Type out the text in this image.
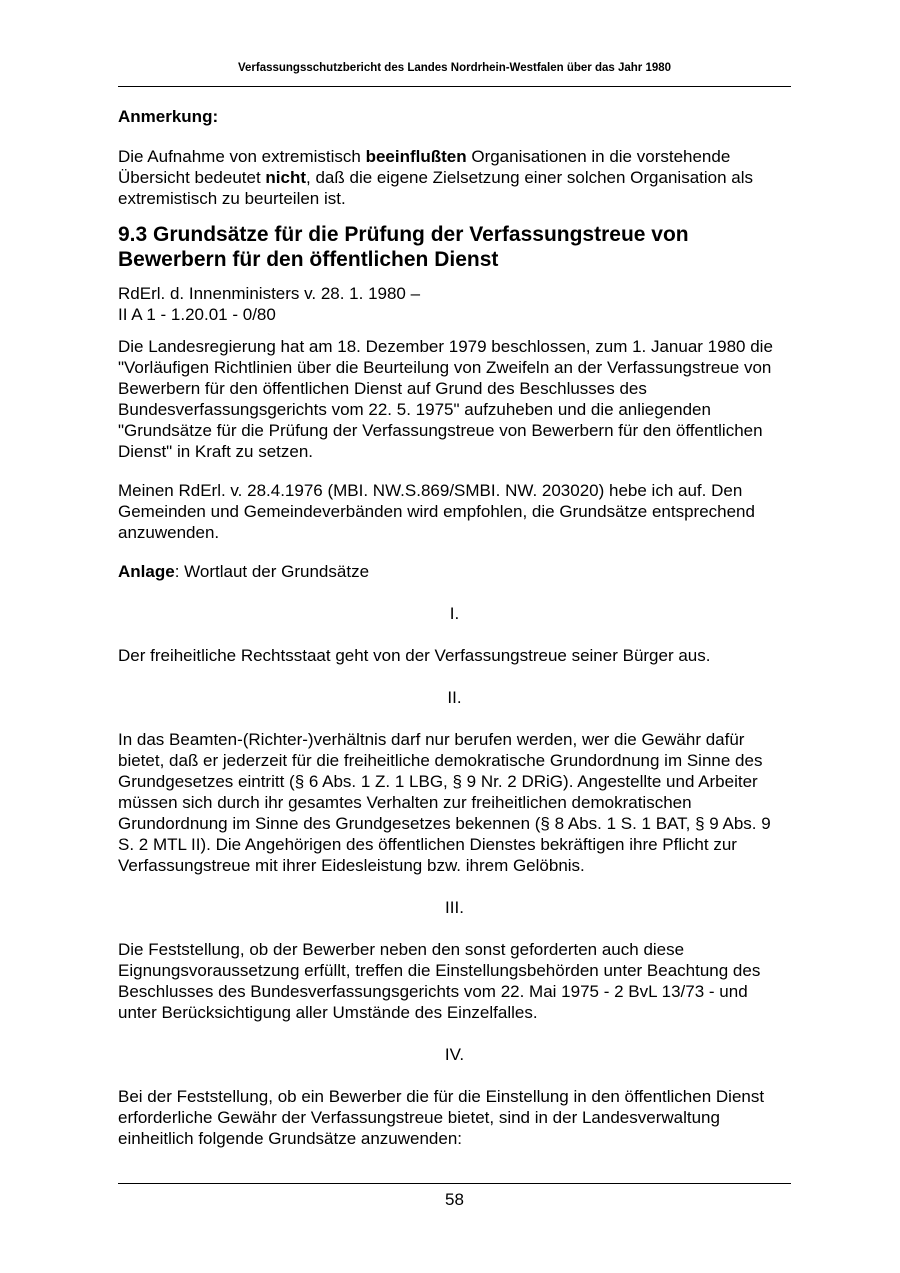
Verfassungsschutzbericht des Landes Nordrhein-Westfalen über das Jahr 1980

Anmerkung:

Die Aufnahme von extremistisch beeinflußten Organisationen in die vorstehende Übersicht bedeutet nicht, daß die eigene Zielsetzung einer solchen Organisation als extremistisch zu beurteilen ist.

9.3 Grundsätze für die Prüfung der Verfassungstreue von
Bewerbern für den öffentlichen Dienst

RdErl. d. Innenministers v. 28. 1. 1980 –
II A 1 - 1.20.01 - 0/80

Die Landesregierung hat am 18. Dezember 1979 beschlossen, zum 1. Januar 1980 die "Vorläufigen Richtlinien über die Beurteilung von Zweifeln an der Verfassungstreue von Bewerbern für den öffentlichen Dienst auf Grund des Beschlusses des Bundesverfassungsgerichts vom 22. 5. 1975" aufzuheben und die anliegenden "Grundsätze für die Prüfung der Verfassungstreue von Bewerbern für den öffentlichen Dienst" in Kraft zu setzen.

Meinen RdErl. v. 28.4.1976 (MBI. NW.S.869/SMBI. NW. 203020) hebe ich auf. Den Gemeinden und Gemeindeverbänden wird empfohlen, die Grundsätze entsprechend anzuwenden.

Anlage: Wortlaut der Grundsätze

I.

Der freiheitliche Rechtsstaat geht von der Verfassungstreue seiner Bürger aus.

II.

In das Beamten-(Richter-)verhältnis darf nur berufen werden, wer die Gewähr dafür bietet, daß er jederzeit für die freiheitliche demokratische Grundordnung im Sinne des Grundgesetzes eintritt (§ 6 Abs. 1 Z. 1 LBG, § 9 Nr. 2 DRiG). Angestellte und Arbeiter müssen sich durch ihr gesamtes Verhalten zur freiheitlichen demokratischen Grundordnung im Sinne des Grundgesetzes bekennen (§ 8 Abs. 1 S. 1 BAT, § 9 Abs. 9 S. 2 MTL II). Die Angehörigen des öffentlichen Dienstes bekräftigen ihre Pflicht zur Verfassungstreue mit ihrer Eidesleistung bzw. ihrem Gelöbnis.

III.

Die Feststellung, ob der Bewerber neben den sonst geforderten auch diese Eignungsvoraussetzung erfüllt, treffen die Einstellungsbehörden unter Beachtung des Beschlusses des Bundesverfassungsgerichts vom 22. Mai 1975 - 2 BvL 13/73 - und unter Berücksichtigung aller Umstände des Einzelfalles.

IV.

Bei der Feststellung, ob ein Bewerber die für die Einstellung in den öffentlichen Dienst erforderliche Gewähr der Verfassungstreue bietet, sind in der Landesverwaltung einheitlich folgende Grundsätze anzuwenden:

58
